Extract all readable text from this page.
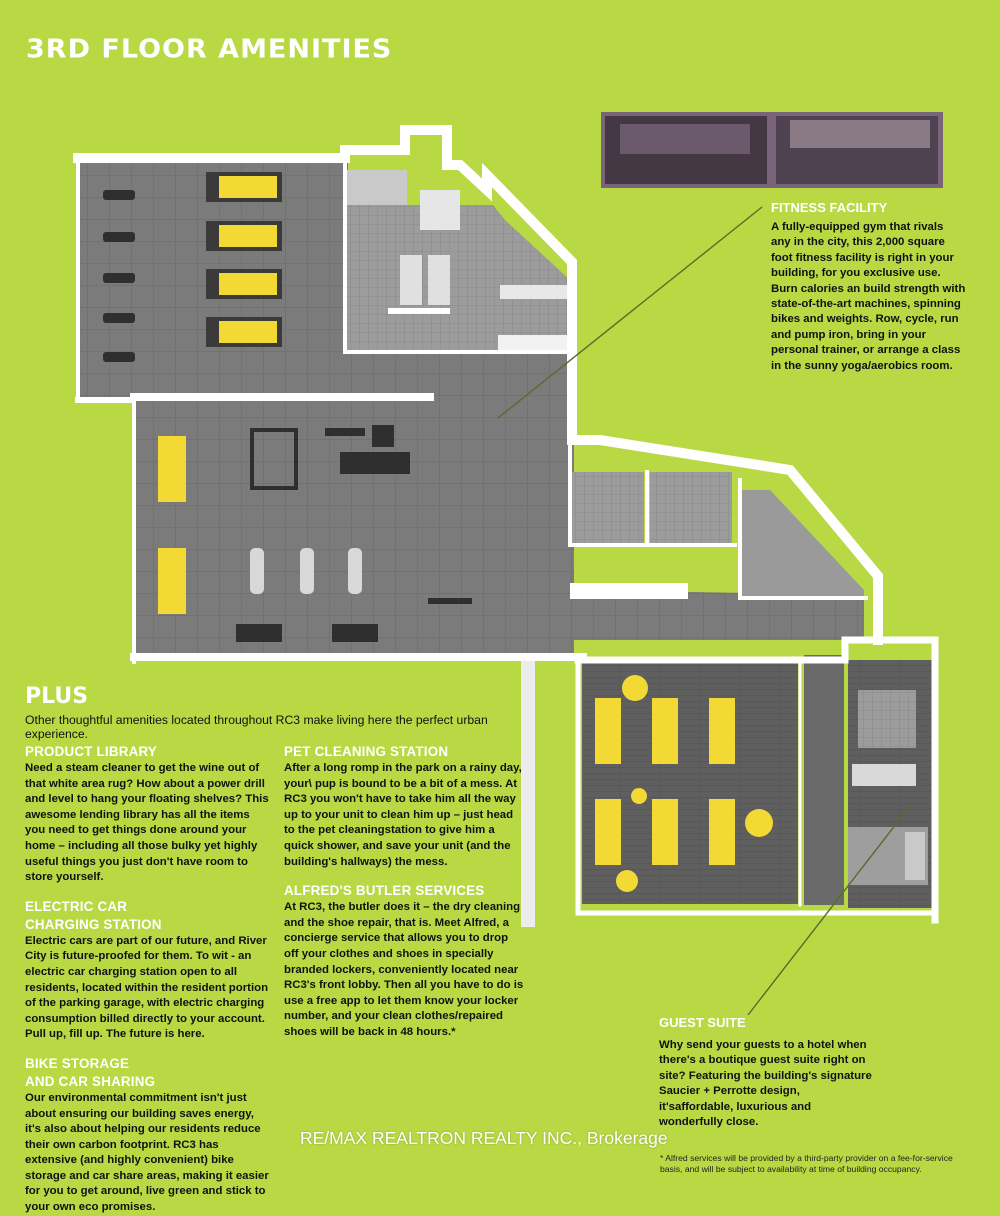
3RD FLOOR AMENITIES
FITNESS FACILITY
A fully-equipped gym that rivals any in the city, this 2,000 square foot fitness facility is right in your building, for you exclusive use. Burn calories an build strength with state-of-the-art machines, spinning bikes and weights. Row, cycle, run and pump iron, bring in your personal trainer, or arrange a class in the sunny yoga/aerobics room.
PLUS
Other thoughtful amenities located throughout RC3 make living here the perfect urban experience.
PRODUCT LIBRARY
Need a steam cleaner to get the wine out of that white area rug? How about a power drill and level to hang your floating shelves? This awesome lending library has all the items you need to get things done around your home – including all those bulky yet highly useful things you just don't have room to store yourself.
ELECTRIC CAR
CHARGING STATION
Electric cars are part of our future, and River City is future-proofed for them. To wit - an electric car charging station open to all residents, located within the resident portion of the parking garage, with electric charging consumption billed directly to your account. Pull up, fill up. The future is here.
BIKE STORAGE
AND CAR SHARING
Our environmental commitment isn't just about ensuring our building saves energy, it's also about helping our residents reduce their own carbon footprint. RC3 has extensive (and highly convenient) bike storage and car share areas, making it easier for you to get around, live green and stick to your own eco promises.
PET CLEANING STATION
After a long romp in the park on a rainy day, your\ pup is bound to be a bit of a mess. At RC3 you won't have to take him all the way up to your unit to clean him up – just head to the pet cleaningstation to give him a quick shower, and save your unit (and the building's hallways) the mess.
ALFRED'S BUTLER SERVICES
At RC3, the butler does it – the dry cleaning and the shoe repair, that is. Meet Alfred, a concierge service that allows you to drop off your clothes and shoes in specially branded lockers, conveniently located near RC3's front lobby. Then all you have to do is use a free app to let them know your locker number, and your clean clothes/repaired shoes will be back in 48 hours.*
GUEST SUITE
Why send your guests to a hotel when there's a boutique guest suite right on site? Featuring the building's signature Saucier + Perrotte design, it'saffordable, luxurious and wonderfully close.
RE/MAX REALTRON REALTY INC., Brokerage
* Alfred services will be provided by a third-party provider on a fee-for-service basis, and will be subject to availability at time of building occupancy.
